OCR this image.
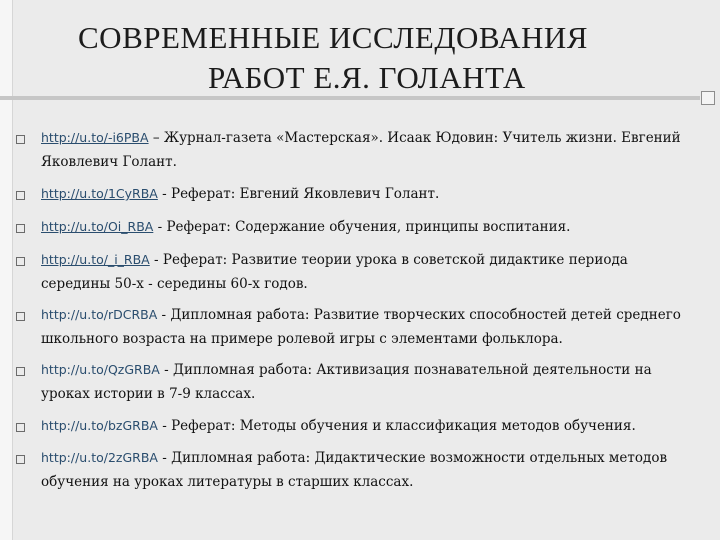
СОВРЕМЕННЫЕ ИССЛЕДОВАНИЯ
РАБОТ Е.Я. ГОЛАНТА
http://u.to/-i6PBA – Журнал-газета «Мастерская». Исаак Юдовин: Учитель жизни. Евгений Яковлевич Голант.
http://u.to/1CyRBA - Реферат: Евгений Яковлевич Голант.
http://u.to/Oi_RBA - Реферат: Содержание обучения, принципы воспитания.
http://u.to/_i_RBA - Реферат: Развитие теории урока в советской дидактике периода середины 50-х - середины 60-х годов.
http://u.to/rDCRBA - Дипломная работа: Развитие творческих способностей детей среднего школьного возраста на примере ролевой игры с элементами фольклора.
http://u.to/QzGRBA - Дипломная работа: Активизация познавательной деятельности на уроках истории в 7-9 классах.
http://u.to/bzGRBA - Реферат: Методы обучения и классификация методов обучения.
http://u.to/2zGRBA - Дипломная работа: Дидактические возможности отдельных методов обучения на уроках литературы в старших классах.
